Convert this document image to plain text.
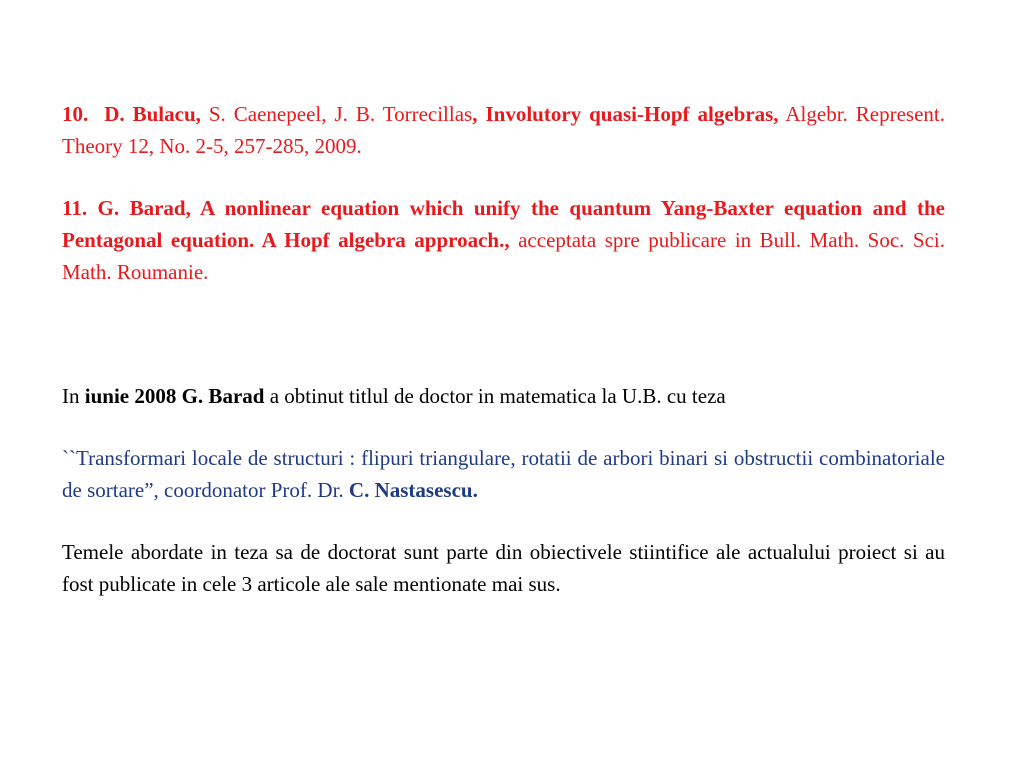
10. D. Bulacu, S. Caenepeel, J. B. Torrecillas, Involutory quasi-Hopf algebras, Algebr. Represent. Theory 12, No. 2-5, 257-285, 2009.

11. G. Barad, A nonlinear equation which unify the quantum Yang-Baxter equation and the Pentagonal equation. A Hopf algebra approach., acceptata spre publicare in Bull. Math. Soc. Sci. Math. Roumanie.

In iunie 2008 G. Barad a obtinut titlul de doctor in matematica la U.B. cu teza

``Transformari locale de structuri : flipuri triangulare, rotatii de arbori binari si obstructii combinatoriale de sortare”, coordonator Prof. Dr. C. Nastasescu.

Temele abordate in teza sa de doctorat sunt parte din obiectivele stiintifice ale actualului proiect si au fost publicate in cele 3 articole ale sale mentionate mai sus.
